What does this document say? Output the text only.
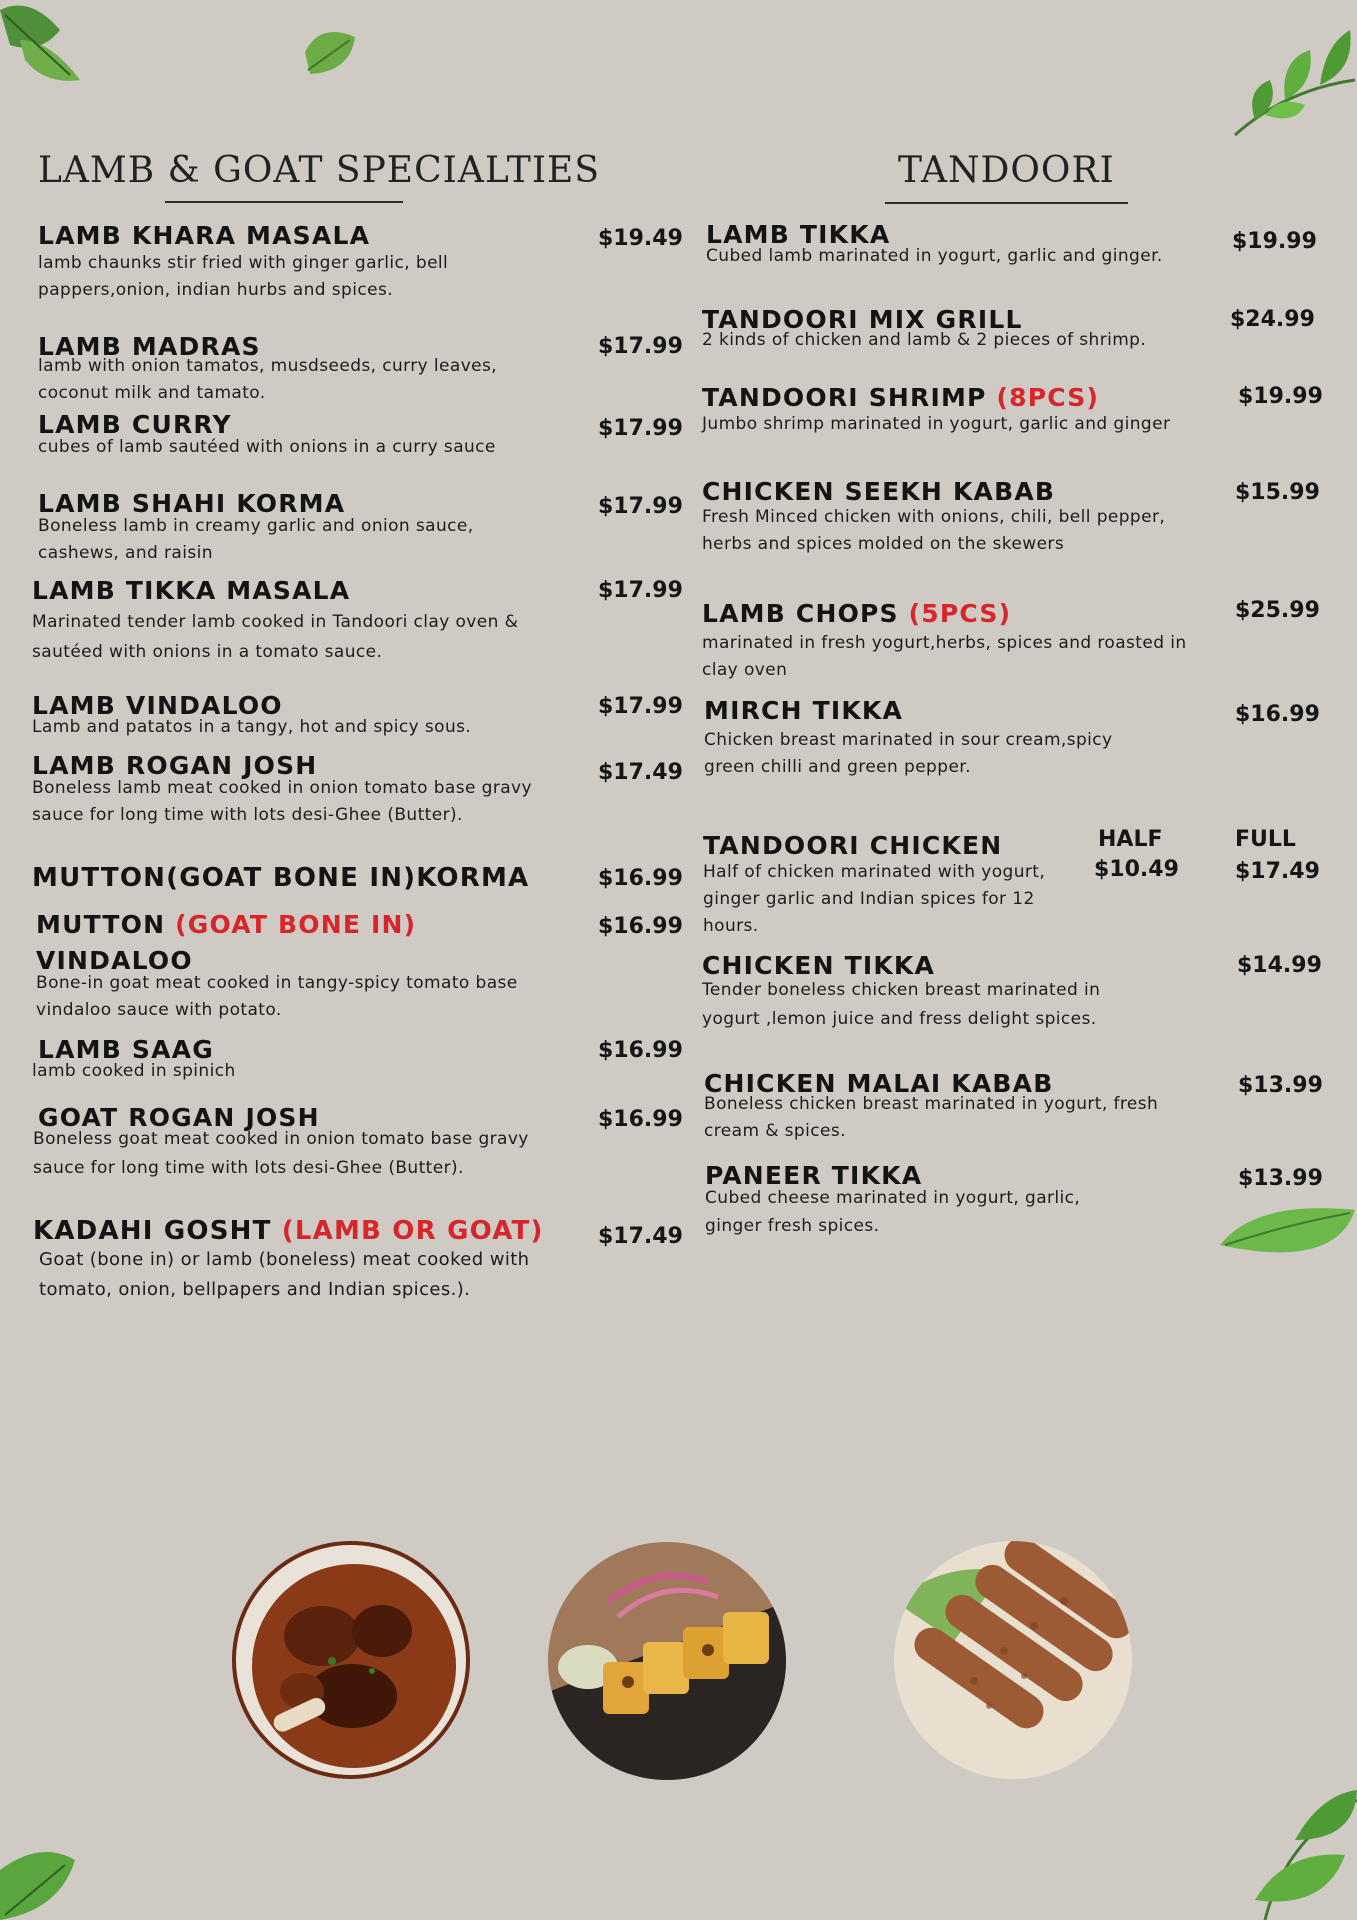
LAMB & GOAT SPECIALTIES	TANDOORI
LAMB KHARA MASALA
lamb chaunks stir fried with ginger garlic, bell pappers,onion, indian hurbs and spices.
$19.49
LAMB MADRAS
lamb with onion tamatos, musdseeds, curry leaves, coconut milk and tamato.
$17.99
LAMB CURRY
cubes of lamb sautéed with onions in a curry sauce
$17.99
LAMB SHAHI KORMA
Boneless lamb in creamy garlic and onion sauce, cashews, and raisin
$17.99
LAMB TIKKA MASALA
Marinated tender lamb cooked in Tandoori clay oven & sautéed with onions in a tomato sauce.
$17.99
LAMB VINDALOO
Lamb and patatos in a tangy, hot and spicy sous.
$17.99
LAMB ROGAN JOSH
Boneless lamb meat cooked in onion tomato base gravy sauce for long time with lots desi-Ghee (Butter).
$17.49
MUTTON(GOAT BONE IN)KORMA	$16.99
MUTTON (GOAT BONE IN)
VINDALOO
Bone-in goat meat cooked in tangy-spicy tomato base vindaloo sauce with potato.
$16.99
LAMB SAAG
lamb cooked in spinich
$16.99
GOAT ROGAN JOSH
Boneless goat meat cooked in onion tomato base gravy sauce for long time with lots desi-Ghee (Butter).
$16.99
KADAHI GOSHT (LAMB OR GOAT)
Goat (bone in) or lamb (boneless) meat cooked with tomato, onion, bellpapers and Indian spices.).
$17.49
LAMB TIKKA
Cubed lamb marinated in yogurt, garlic and ginger.
$19.99
TANDOORI MIX GRILL
2 kinds of chicken and lamb & 2 pieces of shrimp.
$24.99
TANDOORI SHRIMP (8PCS)
Jumbo shrimp marinated in yogurt, garlic and ginger
$19.99
CHICKEN SEEKH KABAB
Fresh Minced chicken with onions, chili, bell pepper, herbs and spices molded on the skewers
$15.99
LAMB CHOPS (5PCS)
marinated in fresh yogurt,herbs, spices and roasted in clay oven
$25.99
MIRCH TIKKA
Chicken breast marinated in sour cream,spicy green chilli and green pepper.
$16.99
TANDOORI CHICKEN
Half of chicken marinated with yogurt, ginger garlic and Indian spices for 12 hours.
HALF
$10.49
FULL
$17.49
CHICKEN TIKKA
Tender boneless chicken breast marinated in yogurt ,lemon juice and fress delight spices.
$14.99
CHICKEN MALAI KABAB
Boneless chicken breast marinated in yogurt, fresh cream & spices.
$13.99
PANEER TIKKA
Cubed cheese marinated in yogurt, garlic, ginger fresh spices.
$13.99
